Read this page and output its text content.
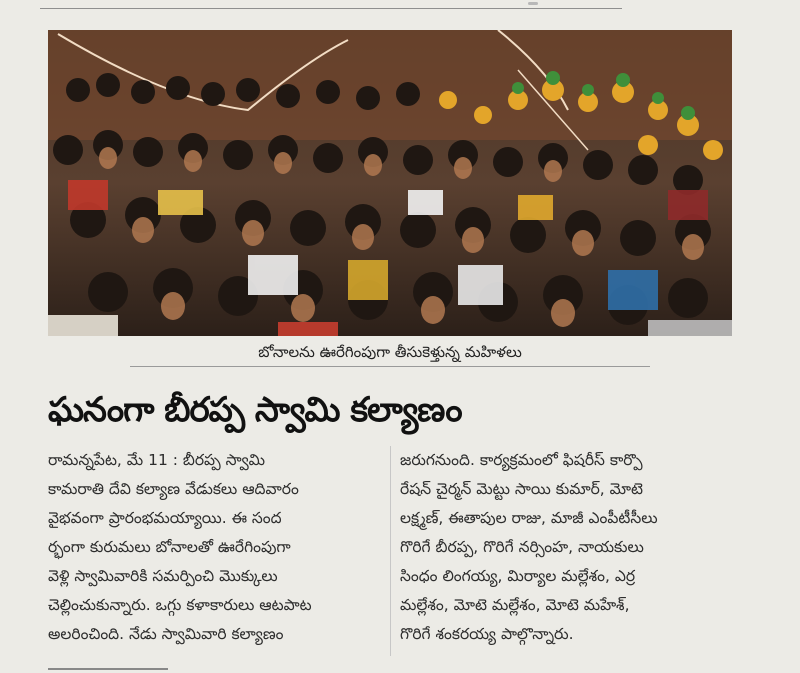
బోనాలను ఊరేగింపుగా తీసుకెళ్తున్న మహిళలు
ఘనంగా బీరప్ప స్వామి కల్యాణం
రామన్నపేట, మే 11 : బీరప్ప స్వామి
కామరాతి దేవి కల్యాణ వేడుకలు ఆదివారం
వైభవంగా ప్రారంభమయ్యాయి. ఈ సంద
ర్భంగా కురుమలు బోనాలతో ఊరేగింపుగా
వెళ్లి స్వామివారికి సమర్పించి మొక్కులు
చెల్లించుకున్నారు. ఒగ్గు కళాకారులు ఆటపాట
అలరించింది. నేడు స్వామివారి కల్యాణం
జరుగనుంది. కార్యక్రమంలో ఫిషరీస్ కార్పొ
రేషన్ చైర్మన్ మెట్టు సాయి కుమార్, మోటె
లక్ష్మణ్, ఈతాపుల రాజు, మాజీ ఎంపీటీసీలు
గొరిగే బీరప్ప, గొరిగే నర్సింహ, నాయకులు
సింధం లింగయ్య, మిర్యాల మల్లేశం, ఎర్ర
మల్లేశం, మోటె మల్లేశం, మోటె మహేశ్,
గొరిగే శంకరయ్య పాల్గొన్నారు.
